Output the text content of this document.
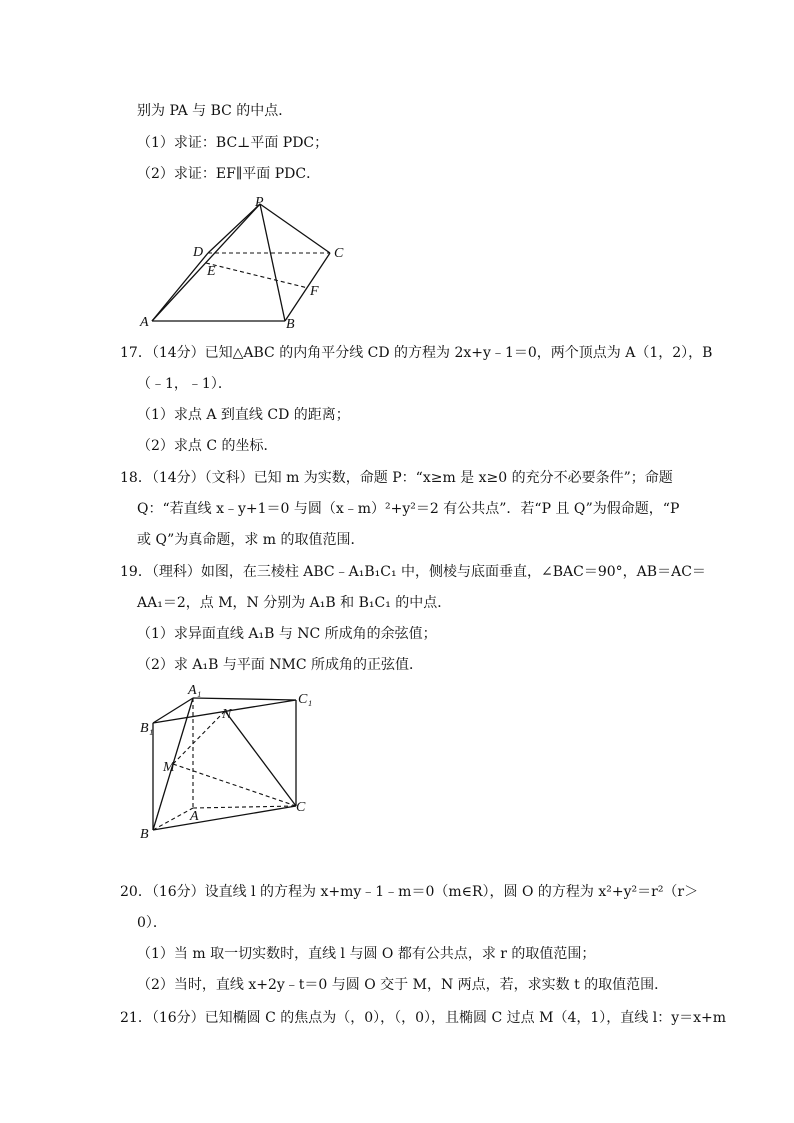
别为 PA 与 BC 的中点．
（1）求证：BC⊥平面 PDC；
（2）求证：EF∥平面 PDC．
P
D	C
E
F
A	B
17．（14分）已知△ABC 的内角平分线 CD 的方程为 2x+y﹣1＝0，两个顶点为 A（1，2），B
（﹣1，﹣1）．
（1）求点 A 到直线 CD 的距离；
（2）求点 C 的坐标．
18．（14分）（文科）已知 m 为实数，命题 P：“x≥m 是 x≥0 的充分不必要条件”；命题
Q：“若直线 x﹣y+1＝0 与圆（x﹣m）²+y²＝2 有公共点”．若“P 且 Q”为假命题，“P
或 Q”为真命题，求 m 的取值范围．
19．（理科）如图，在三棱柱 ABC﹣A₁B₁C₁ 中，侧棱与底面垂直，∠BAC＝90°，AB＝AC＝
AA₁＝2，点 M，N 分别为 A₁B 和 B₁C₁ 的中点．
（1）求异面直线 A₁B 与 NC 所成角的余弦值；
（2）求 A₁B 与平面 NMC 所成角的正弦值．
A₁
C₁
B₁
N
M
A
C
B
20．（16分）设直线 l 的方程为 x+my﹣1﹣m＝0（m∈R），圆 O 的方程为 x²+y²＝r²（r＞
0）．
（1）当 m 取一切实数时，直线 l 与圆 O 都有公共点，求 r 的取值范围；
（2）当时，直线 x+2y﹣t＝0 与圆 O 交于 M，N 两点，若，求实数 t 的取值范围．
21．（16分）已知椭圆 C 的焦点为（，0），（，0），且椭圆 C 过点 M（4，1），直线 l：y＝x+m
